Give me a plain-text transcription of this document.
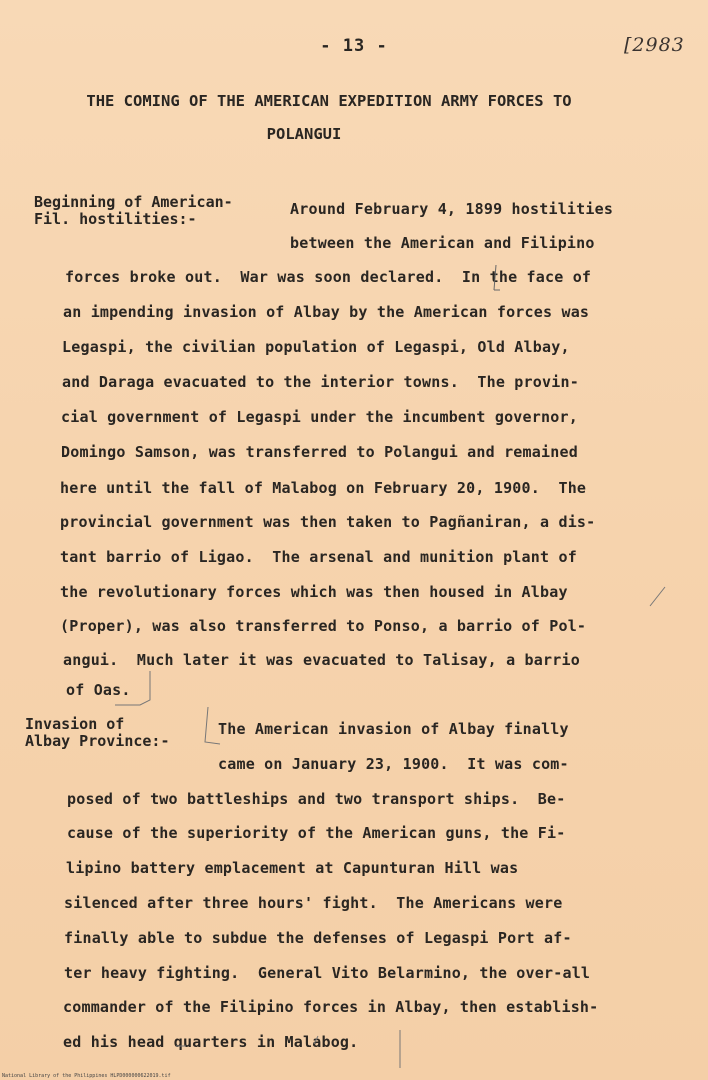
- 13 -	[2983
THE COMING OF THE AMERICAN EXPEDITION ARMY FORCES TO
POLANGUI
Beginning of American-
Fil. hostilities:-
Around February 4, 1899 hostilities
between the American and Filipino
forces broke out.  War was soon declared.  In the face of
an impending invasion of Albay by the American forces was
Legaspi, the civilian population of Legaspi, Old Albay,
and Daraga evacuated to the interior towns.  The provin-
cial government of Legaspi under the incumbent governor,
Domingo Samson, was transferred to Polangui and remained
here until the fall of Malabog on February 20, 1900.  The
provincial government was then taken to Pagñaniran, a dis-
tant barrio of Ligao.  The arsenal and munition plant of
the revolutionary forces which was then housed in Albay
(Proper), was also transferred to Ponso, a barrio of Pol-
angui.  Much later it was evacuated to Talisay, a barrio
of Oas.
Invasion of
Albay Province:-
The American invasion of Albay finally
came on January 23, 1900.  It was com-
posed of two battleships and two transport ships.  Be-
cause of the superiority of the American guns, the Fi-
lipino battery emplacement at Capunturan Hill was
silenced after three hours' fight.  The Americans were
finally able to subdue the defenses of Legaspi Port af-
ter heavy fighting.  General Vito Belarmino, the over-all
commander of the Filipino forces in Albay, then establish-
ed his head quarters in Malabog.
National Library of the Philippines HLPD000000622019.tif
